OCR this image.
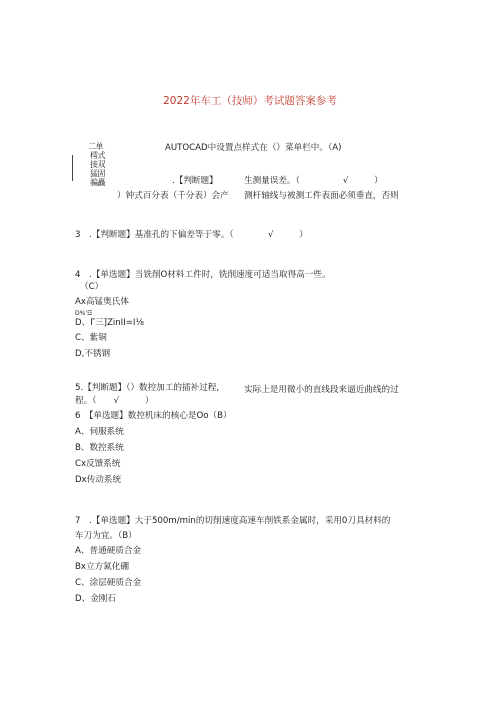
2022年车工（技师）考试题答案参考
二单
樗式
接双
猛固
骗矗
AUTOCAD中设置点样式在（）菜单栏中。（A)
.【判断题】	生测量误差。（　　　　　√　　　）
）钟式百分表（千分表）会产 测杆轴线与被测工件表面必须垂直，否则
3　.【判断题】基准孔的下偏差等于零。（　　　　√　　　）
4　.【单选题】当铣削O材料工件时，铣削速度可适当取得高一些。
（C）
Ax高锰奥氏体
D%'☲
D、Γ三]ZinII=I⅛
C、紫铜
D,不锈钢
5.【判断题】（）数控加工的插补过程,	实际上是用微小的直线段来逼近曲线的过
程。（　　√　　　）
6　【单选题】数控机床的核心是Oo（B）
A、伺服系统
B、数控系统
Cx反馈系统
Dx传动系统
7　.【单选题】大于500m∕min的切削速度高速车削铁系金属时，采用0刀具材料的
车刀为宜。（B）
A、普通硬质合金
Bx立方氮化硼
C、涂层硬质合金
D、金刚石
